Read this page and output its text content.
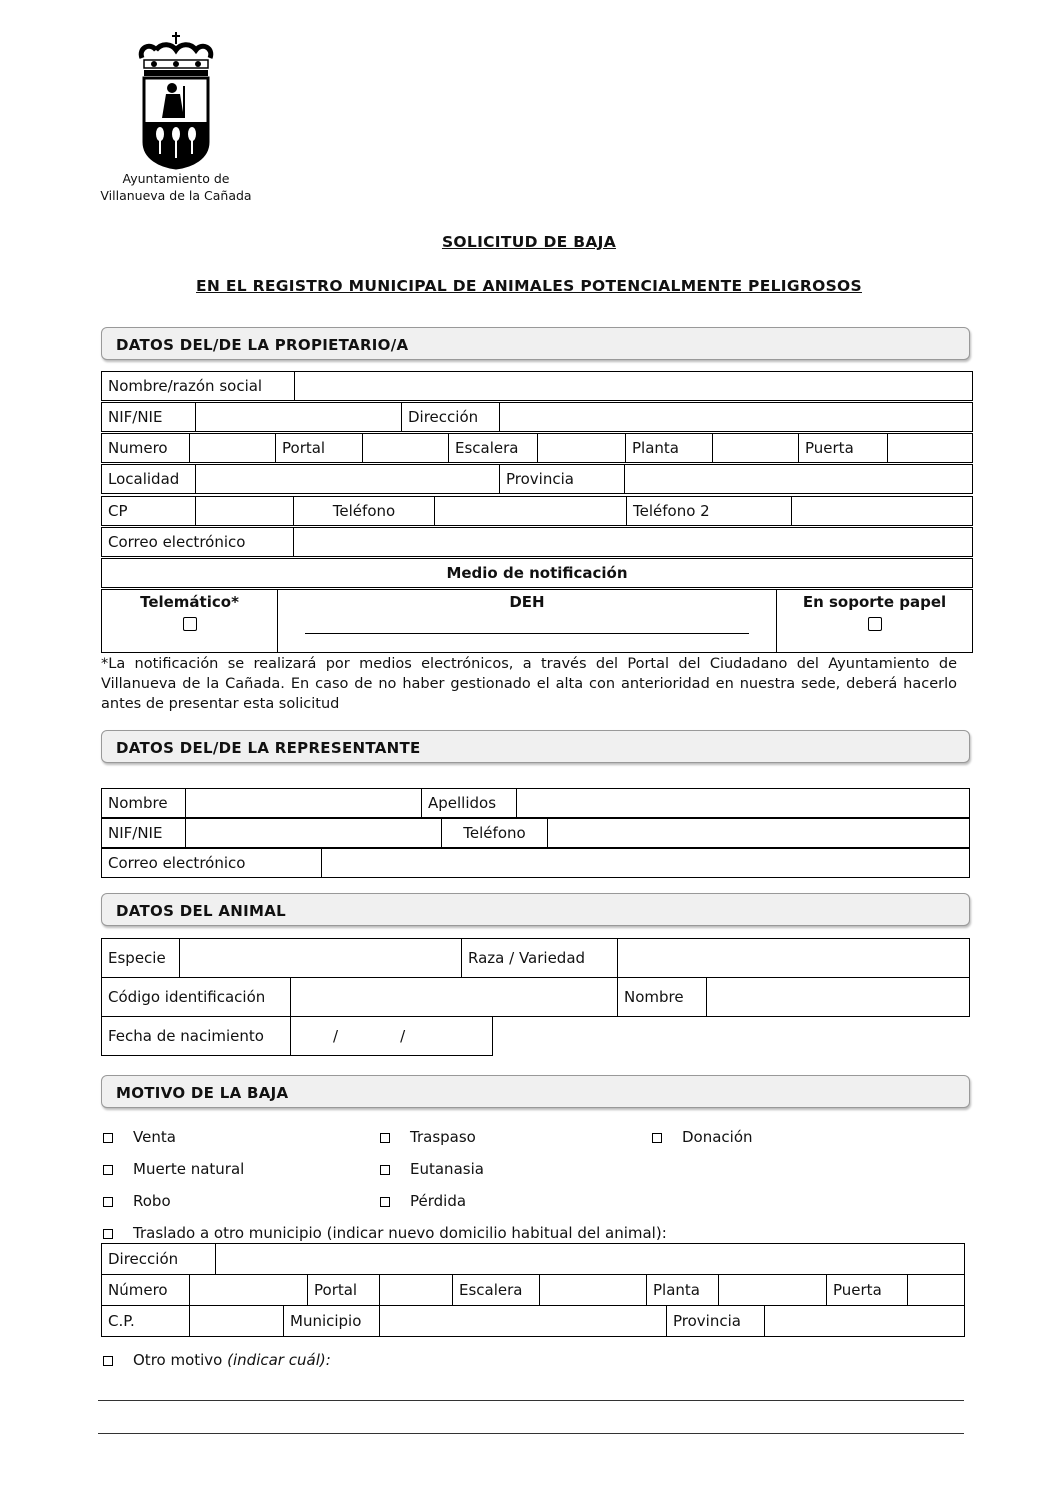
Ayuntamiento de
Villanueva de la Cañada
SOLICITUD DE BAJA
EN EL REGISTRO MUNICIPAL DE ANIMALES POTENCIALMENTE PELIGROSOS
DATOS DEL/DE LA PROPIETARIO/A
Nombre/razón social	
NIF/NIE		Dirección	
Numero		Portal		Escalera		Planta		Puerta	
Localidad		Provincia	
CP		Teléfono		Teléfono 2	
Correo electrónico	
Medio de notificación
Telemático*	DEH	En soporte papel
*La notificación se realizará por medios electrónicos, a través del Portal del Ciudadano del Ayuntamiento de Villanueva de la Cañada. En caso de no haber gestionado el alta con anterioridad en nuestra sede, deberá hacerlo antes de presentar esta solicitud
DATOS DEL/DE LA REPRESENTANTE
Nombre		Apellidos	
NIF/NIE		Teléfono	
Correo electrónico	
DATOS DEL ANIMAL
Especie		Raza / Variedad	
Código identificación		Nombre	
Fecha de nacimiento	/	/
MOTIVO DE LA BAJA
Venta	Traspaso	Donación
Muerte natural	Eutanasia
Robo	Pérdida
Traslado a otro municipio (indicar nuevo domicilio habitual del animal):
Dirección	
Número		Portal		Escalera		Planta		Puerta	
C.P.		Municipio		Provincia	
Otro motivo (indicar cuál):
